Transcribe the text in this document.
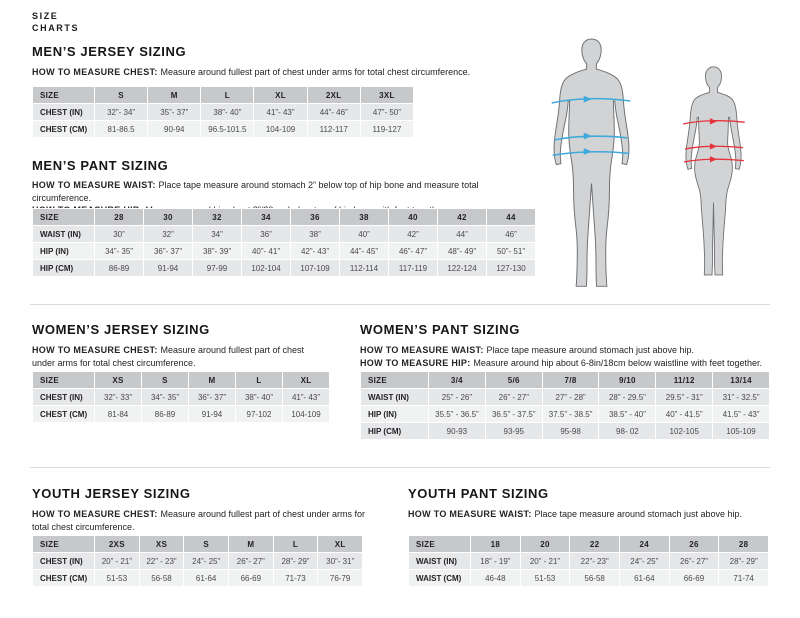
SIZE
CHARTS
MEN’S JERSEY SIZING
HOW TO MEASURE CHEST: Measure around fullest part of chest under arms for total chest circumference.
SIZE	S	M	L	XL	2XL	3XL
CHEST (IN)	32”- 34”	35”- 37”	38”- 40”	41”- 43”	44”- 46”	47”- 50”
CHEST (CM)	81-86.5	90-94	96.5-101.5	104-109	112-117	119-127
MEN’S PANT SIZING
HOW TO MEASURE WAIST: Place tape measure around stomach 2” below top of hip bone and measure total circumference.
SIZE	28	30	32	34	36	38	40	42	44
WAIST (IN)	30”	32”	34”	36”	38”	40”	42”	44”	46”
HIP (IN)	34”- 35”	36”- 37”	38”- 39”	40”- 41”	42”- 43”	44”- 45”	46”- 47”	48”- 49”	50”- 51”
HIP (CM)	86-89	91-94	97-99	102-104	107-109	112-114	117-119	122-124	127-130
WOMEN’S JERSEY SIZING
HOW TO MEASURE CHEST: Measure around fullest part of chest under arms for total chest circumference.
SIZE	XS	S	M	L	XL
CHEST (IN)	32”- 33”	34”- 35”	36”- 37”	38”- 40”	41”- 43”
CHEST (CM)	81-84	86-89	91-94	97-102	104-109
WOMEN’S PANT SIZING
HOW TO MEASURE WAIST: Place tape measure around stomach just above hip.
HOW TO MEASURE HIP: Measure around hip about 6-8in/18cm below waistline with feet together.
SIZE	3/4	5/6	7/8	9/10	11/12	13/14
WAIST (IN)	25” - 26”	26” - 27”	27” - 28”	28” - 29.5”	29.5” - 31”	31” - 32.5”
HIP (IN)	35.5” - 36.5”	36.5” - 37.5”	37.5” - 38.5”	38.5” - 40”	40” - 41.5”	41.5” - 43”
HIP (CM)	90-93	93-95	95-98	98- 02	102-105	105-109
YOUTH JERSEY SIZING
HOW TO MEASURE CHEST: Measure around fullest part of chest under arms for total chest circumference.
SIZE	2XS	XS	S	M	L	XL
CHEST (IN)	20” - 21”	22” - 23”	24”- 25”	26”- 27”	28”- 29”	30”- 31”
CHEST (CM)	51-53	56-58	61-64	66-69	71-73	76-79
YOUTH PANT SIZING
HOW TO MEASURE WAIST: Place tape measure around stomach just above hip.
SIZE	18	20	22	24	26	28
WAIST (IN)	18” - 19”	20” - 21”	22”- 23”	24”- 25”	26”- 27”	28”- 29”
WAIST (CM)	46-48	51-53	56-58	61-64	66-69	71-74
